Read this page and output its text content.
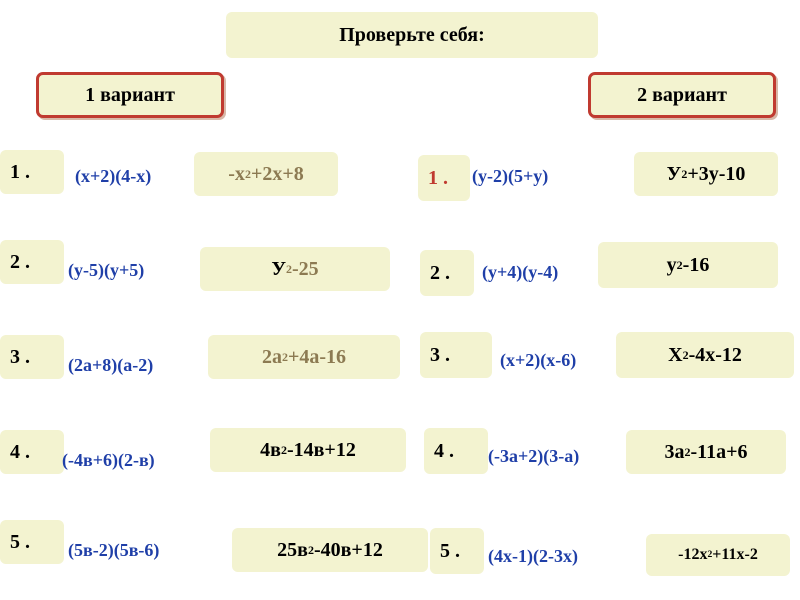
Проверьте себя:
1 вариант	2 вариант
1 .	(x+2)(4-x)	-x 2 +2x+8
2 . (y-5)(y+5)	У 2 -25
3 . (2a+8)(a-2)	2a 2 +4a-16
4 . (-4в+6)(2-в)	4в 2 -14в+12
5 . (5в-2)(5в-6)	25в 2 -40в+12
1 . (y-2)(5+y)	У 2 +3y-10
2 . (y+4)(y-4)	y 2 -16
3 .	(x+2)(x-6)	X 2 -4x-12
4 . (-3a+2)(3-a)	3a 2 -11a+6
5 . (4x-1)(2-3x)	-12x 2 +11x-2
